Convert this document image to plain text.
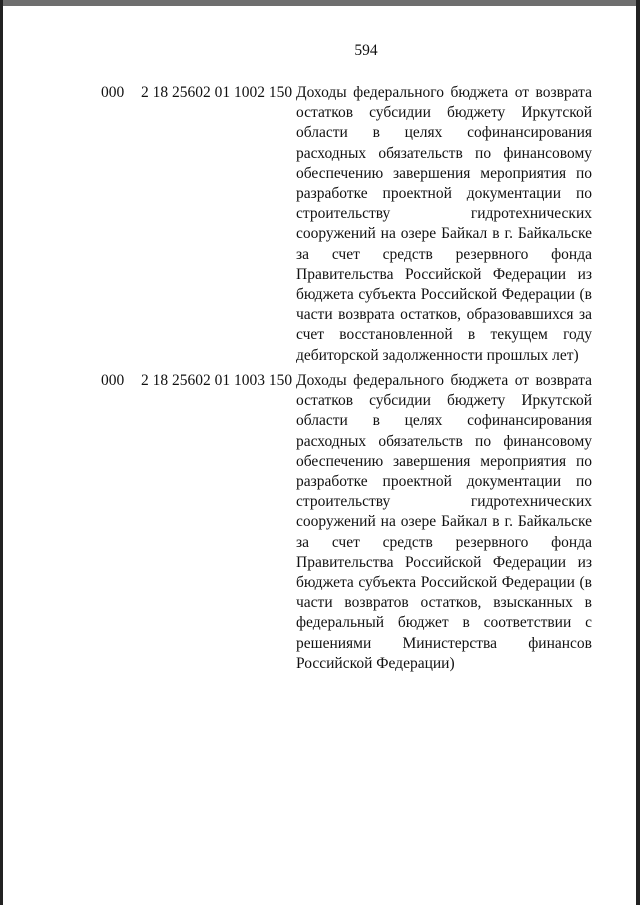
594
000 2 18 25602 01 1002 150 Доходы федерального бюджета от возврата остатков субсидии бюджету Иркутской области в целях софинансирования расходных обязательств по финансовому обеспечению завершения мероприятия по разработке проектной документации по строительству гидротехнических сооружений на озере Байкал в г. Байкальске за счет средств резервного фонда Правительства Российской Федерации из бюджета субъекта Российской Федерации (в части возврата остатков, образовавшихся за счет восстановленной в текущем году дебиторской задолженности прошлых лет)
000 2 18 25602 01 1003 150 Доходы федерального бюджета от возврата остатков субсидии бюджету Иркутской области в целях софинансирования расходных обязательств по финансовому обеспечению завершения мероприятия по разработке проектной документации по строительству гидротехнических сооружений на озере Байкал в г. Байкальске за счет средств резервного фонда Правительства Российской Федерации из бюджета субъекта Российской Федерации (в части возвратов остатков, взысканных в федеральный бюджет в соответствии с решениями Министерства финансов Российской Федерации)
